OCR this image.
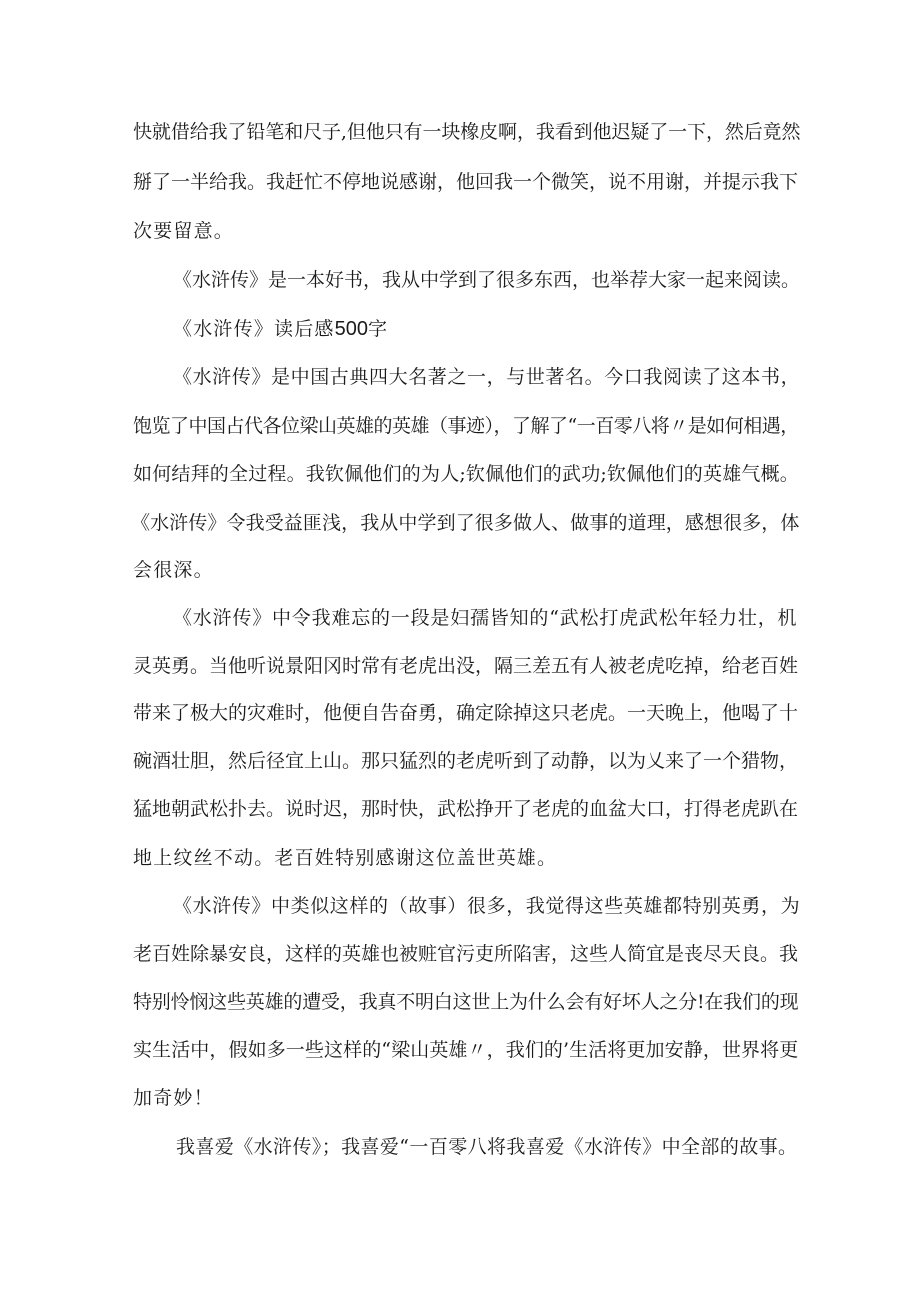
快就借给我了铅笔和尺子,但他只有一块橡皮啊，我看到他迟疑了一下，然后竟然
掰了一半给我。我赶忙不停地说感谢，他回我一个微笑，说不用谢，并提示我下
次要留意。
《水浒传》是一本好书，我从中学到了很多东西，也举荐大家一起来阅读。
《水浒传》读后感500字
《水浒传》是中国古典四大名著之一，与世著名。今口我阅读了这本书，
饱览了中国占代各位梁山英雄的英雄（事迹），了解了“一百零八将〃是如何相遇，
如何结拜的全过程。我钦佩他们的为人;钦佩他们的武功;钦佩他们的英雄气概。
《水浒传》令我受益匪浅，我从中学到了很多做人、做事的道理，感想很多，体
会很深。
《水浒传》中令我难忘的一段是妇孺皆知的“武松打虎武松年轻力壮，机
灵英勇。当他听说景阳冈时常有老虎出没，隔三差五有人被老虎吃掉，给老百姓
带来了极大的灾难时，他便自告奋勇，确定除掉这只老虎。一天晚上，他喝了十
碗酒壮胆，然后径宜上山。那只猛烈的老虎听到了动静，以为乂来了一个猎物，
猛地朝武松扑去。说时迟，那时快，武松挣开了老虎的血盆大口，打得老虎趴在
地上纹丝不动。老百姓特别感谢这位盖世英雄。
《水浒传》中类似这样的（故事）很多，我觉得这些英雄都特别英勇，为
老百姓除暴安良，这样的英雄也被赃官污吏所陷害，这些人简宜是丧尽天良。我
特别怜悯这些英雄的遭受，我真不明白这世上为什么会有好坏人之分!在我们的现
实生活中，假如多一些这样的“梁山英雄〃，我们的’生活将更加安静，世界将更
加奇妙！
我喜爱《水浒传》；我喜爱“一百零八将我喜爱《水浒传》中全部的故事。
